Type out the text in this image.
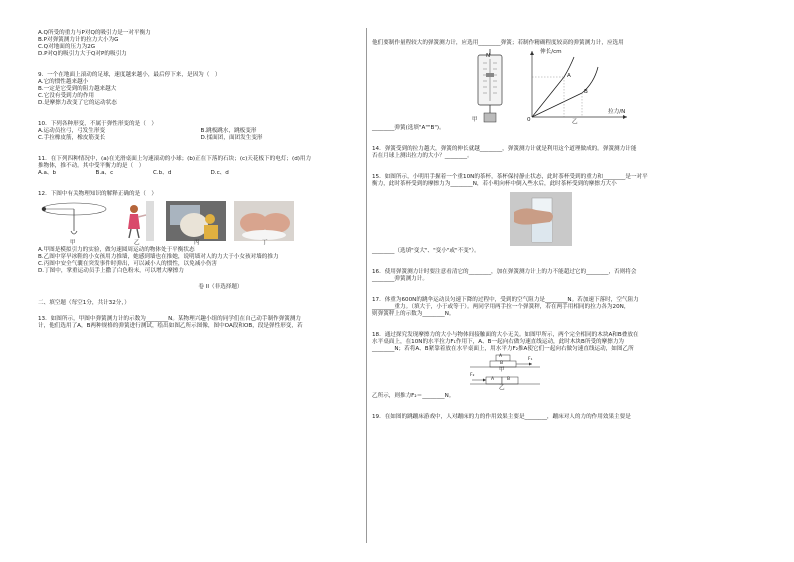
A.Q所受的重力与P对Q的吸引力是一对平衡力

B.P对弹簧测力计的拉力大小为G

C.Q对地面的压力为2G

D.P对Q的吸引力大于Q对P的吸引力

9．一个在地面上滚动的足球，速度越来越小，最后停下来，是因为（　）

A.它的惯性越来越小

B.一定是它受到的阻力越来越大

C.它没有受到力的作用

D.是摩擦力改变了它的运动状态

10．下列各种形变，不属于弹性形变的是（　）

A.运动员拉弓，弓发生形变	B.跳板跳水，跳板变形

C.手拉橡皮筋，橡皮筋变长	D.揉面团，面团发生变形

11．在下列四种情况中，(a)在光滑桌面上匀速滚动的小球；(b)正在下落的石块；(c)天花板下的电灯；(d)用力

推物体，推不动。其中受平衡力的是（　）

A.a、b	B.a、c	C.b、d	D.c、d

12．下图中有关物理知识的解释正确的是（　）

甲	乙	丙	丁

A.甲图是模拟引力的实验，做匀速圆周运动的物体处于平衡状态

B.乙图中穿旱冰鞋的小女孩用力推墙，她感到墙也在推她，说明墙对人的力大于小女孩对墙的推力

C.丙图中安全气囊在突发事件时弹出，可以减小人的惯性，以免减小伤害

D.丁图中，掌重运动员手上撒了白色粉末，可以增大摩擦力

卷 II（非选择题）

二、填空题（每空1分，共计32分，）

13．如图所示，甲图中弹簧测力计的示数为________N。某物理兴趣小组的同学们在自己动手制作弹簧测力

计，他们选用了A，B两种规格的弹簧进行测试，绘出如图乙所示图像，图中OA段和OB，段是弹性形变，若

他们要制作量程较大的弹簧测力计，应选用________弹簧；若制作精确程度较高的弹簧测力计，应选用

N
甲
伸长/cm
拉力/N
A
B
0	乙

________弹簧(选填"A""B")。

14．弹簧受到的拉力越大，弹簧的伸长就越________，弹簧测力计就是利用这个道理做成的。弹簧测力计能

否在月球上测出拉力的大小？________。

15．如图所示，小明用手握着一个重10N的茶杯，茶杯保持静止状态，此时茶杯受到的重力和________是一对平

衡力，此时茶杯受到的摩擦力为________N，若小明向杯中倒入些水后，此时茶杯受到的摩擦力大小

________（选填"变大"、"变小"或"不变"）。

16．使用弹簧测力计时要注意看清它的________，加在弹簧测力计上的力不能超过它的________，否则将会

________弹簧测力计。

17．体重为600N的跳伞运动员匀速下降的过程中，受到的空气阻力是________N。若加速下落时，空气阻力

________重力。（填大于，小于或等于）。两同学用两手拉一个弹簧秤，若在两手用相同的拉力各为20N，

则弹簧秤上的示数为________N。

18．通过探究发现摩擦力的大小与物体间接触面的大小无关。如图甲所示，两个完全相同的木块A和B叠放在

水平桌面上，在10N的水平拉力F₁作用下，A、B一起向右做匀速直线运动，此时木块B所受的摩擦力为

________N；若将A、B紧靠着放在水平桌面上，用水平力F₂推A使它们一起向右做匀速直线运动，如图乙所

A
B
F₁
甲
A	B
F₂
乙

乙所示，则推力F₂＝________N。

19．在如图的跳蹦床游戏中，人对蹦床的力的作用效果主要是________，蹦床对人的力的作用效果主要是
